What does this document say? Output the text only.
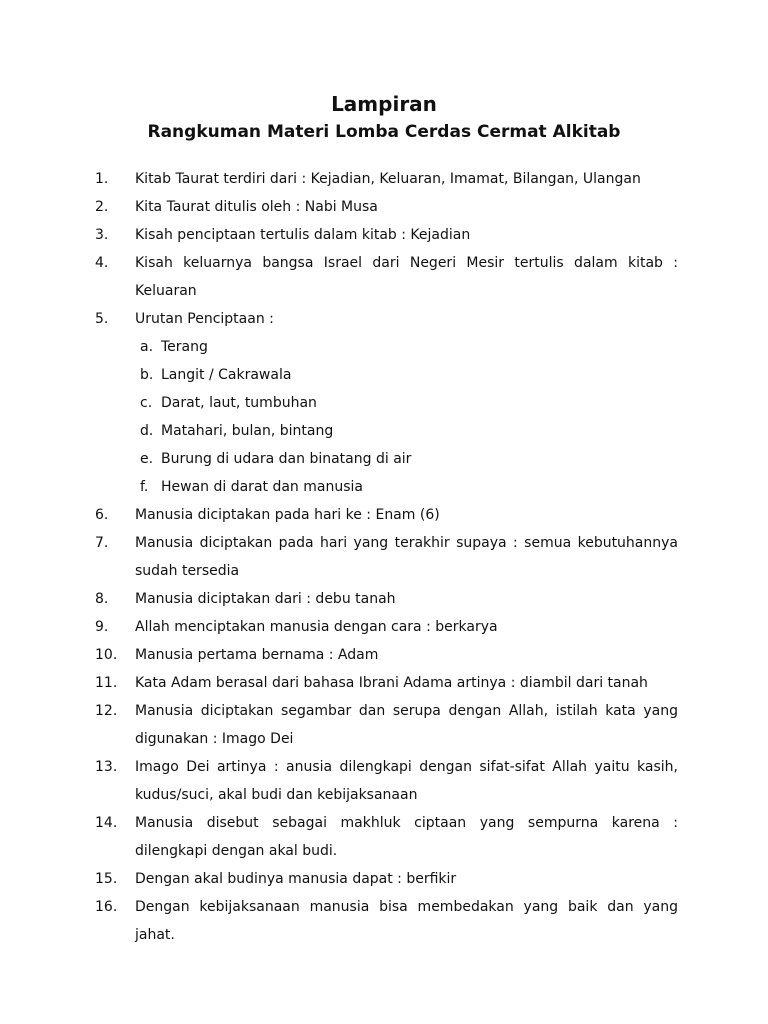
Lampiran
Rangkuman Materi Lomba Cerdas Cermat Alkitab
1. Kitab Taurat terdiri dari : Kejadian, Keluaran, Imamat, Bilangan, Ulangan
2. Kita Taurat ditulis oleh : Nabi Musa
3. Kisah penciptaan tertulis dalam kitab : Kejadian
4. Kisah keluarnya bangsa Israel dari Negeri Mesir tertulis dalam kitab : Keluaran
5. Urutan Penciptaan :
a. Terang
b. Langit / Cakrawala
c. Darat, laut, tumbuhan
d. Matahari, bulan, bintang
e. Burung di udara dan binatang di air
f. Hewan di darat dan manusia
6. Manusia diciptakan pada hari ke : Enam (6)
7. Manusia diciptakan pada hari yang terakhir supaya : semua kebutuhannya sudah tersedia
8. Manusia diciptakan dari : debu tanah
9. Allah menciptakan manusia dengan cara : berkarya
10. Manusia pertama bernama : Adam
11. Kata Adam berasal dari bahasa Ibrani Adama artinya : diambil dari tanah
12. Manusia diciptakan segambar dan serupa dengan Allah, istilah kata yang digunakan : Imago Dei
13. Imago Dei artinya : anusia dilengkapi dengan sifat-sifat Allah yaitu kasih, kudus/suci, akal budi dan kebijaksanaan
14. Manusia disebut sebagai makhluk ciptaan yang sempurna karena : dilengkapi dengan akal budi.
15. Dengan akal budinya manusia dapat : berfikir
16. Dengan kebijaksanaan manusia bisa membedakan yang baik dan yang jahat.
